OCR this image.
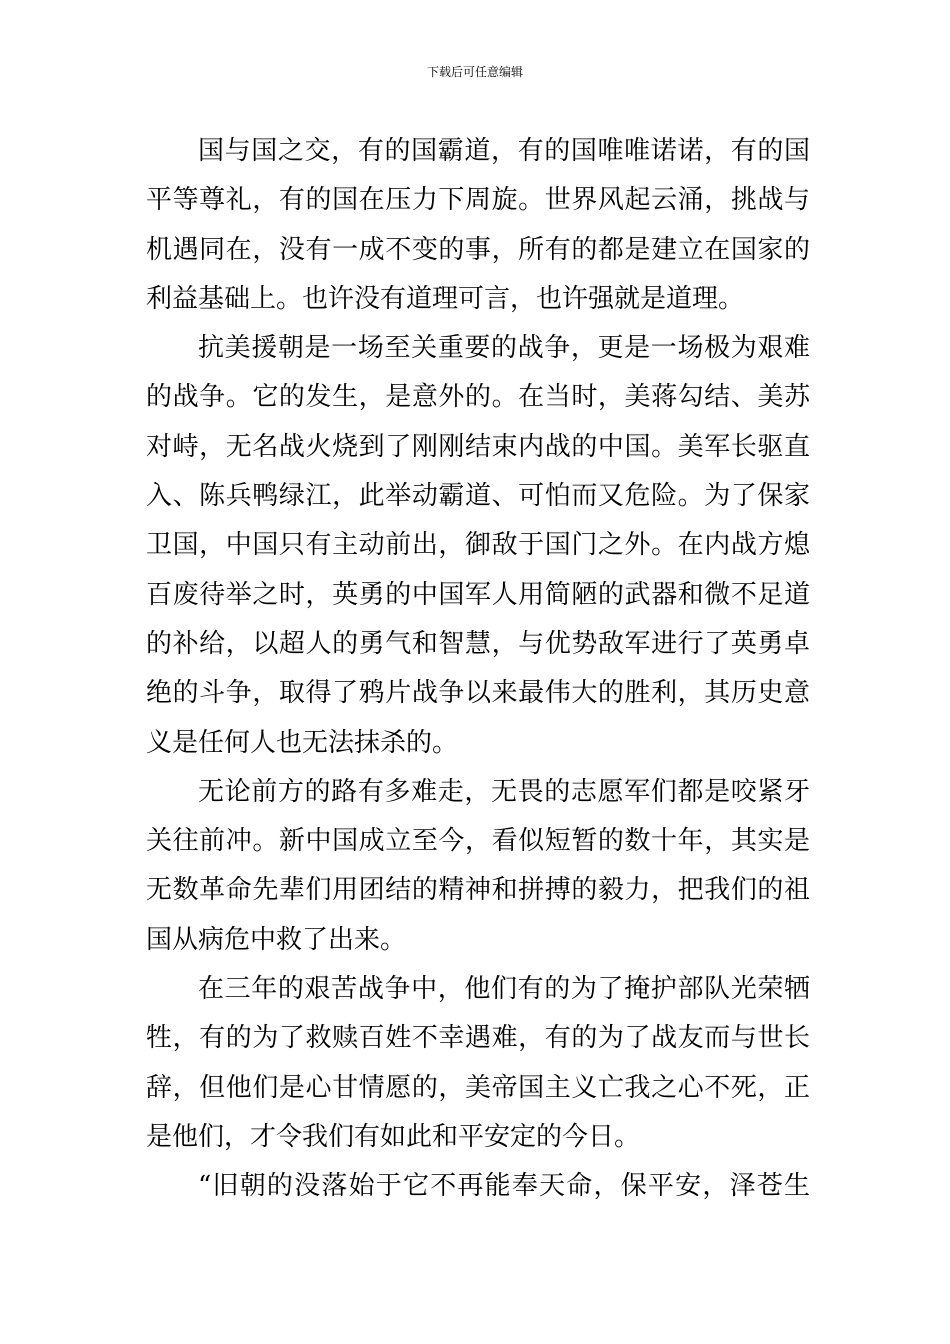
下载后可任意编辑
国与国之交，有的国霸道，有的国唯唯诺诺，有的国
平等尊礼，有的国在压力下周旋。世界风起云涌，挑战与
机遇同在，没有一成不变的事，所有的都是建立在国家的
利益基础上。也许没有道理可言，也许强就是道理。
抗美援朝是一场至关重要的战争，更是一场极为艰难
的战争。它的发生，是意外的。在当时，美蒋勾结、美苏
对峙，无名战火烧到了刚刚结束内战的中国。美军长驱直
入、陈兵鸭绿江，此举动霸道、可怕而又危险。为了保家
卫国，中国只有主动前出，御敌于国门之外。在内战方熄
百废待举之时，英勇的中国军人用简陋的武器和微不足道
的补给，以超人的勇气和智慧，与优势敌军进行了英勇卓
绝的斗争，取得了鸦片战争以来最伟大的胜利，其历史意
义是任何人也无法抹杀的。
无论前方的路有多难走，无畏的志愿军们都是咬紧牙
关往前冲。新中国成立至今，看似短暂的数十年，其实是
无数革命先辈们用团结的精神和拼搏的毅力，把我们的祖
国从病危中救了出来。
在三年的艰苦战争中，他们有的为了掩护部队光荣牺
牲，有的为了救赎百姓不幸遇难，有的为了战友而与世长
辞，但他们是心甘情愿的，美帝国主义亡我之心不死，正
是他们，才令我们有如此和平安定的今日。
“旧朝的没落始于它不再能奉天命，保平安，泽苍生
